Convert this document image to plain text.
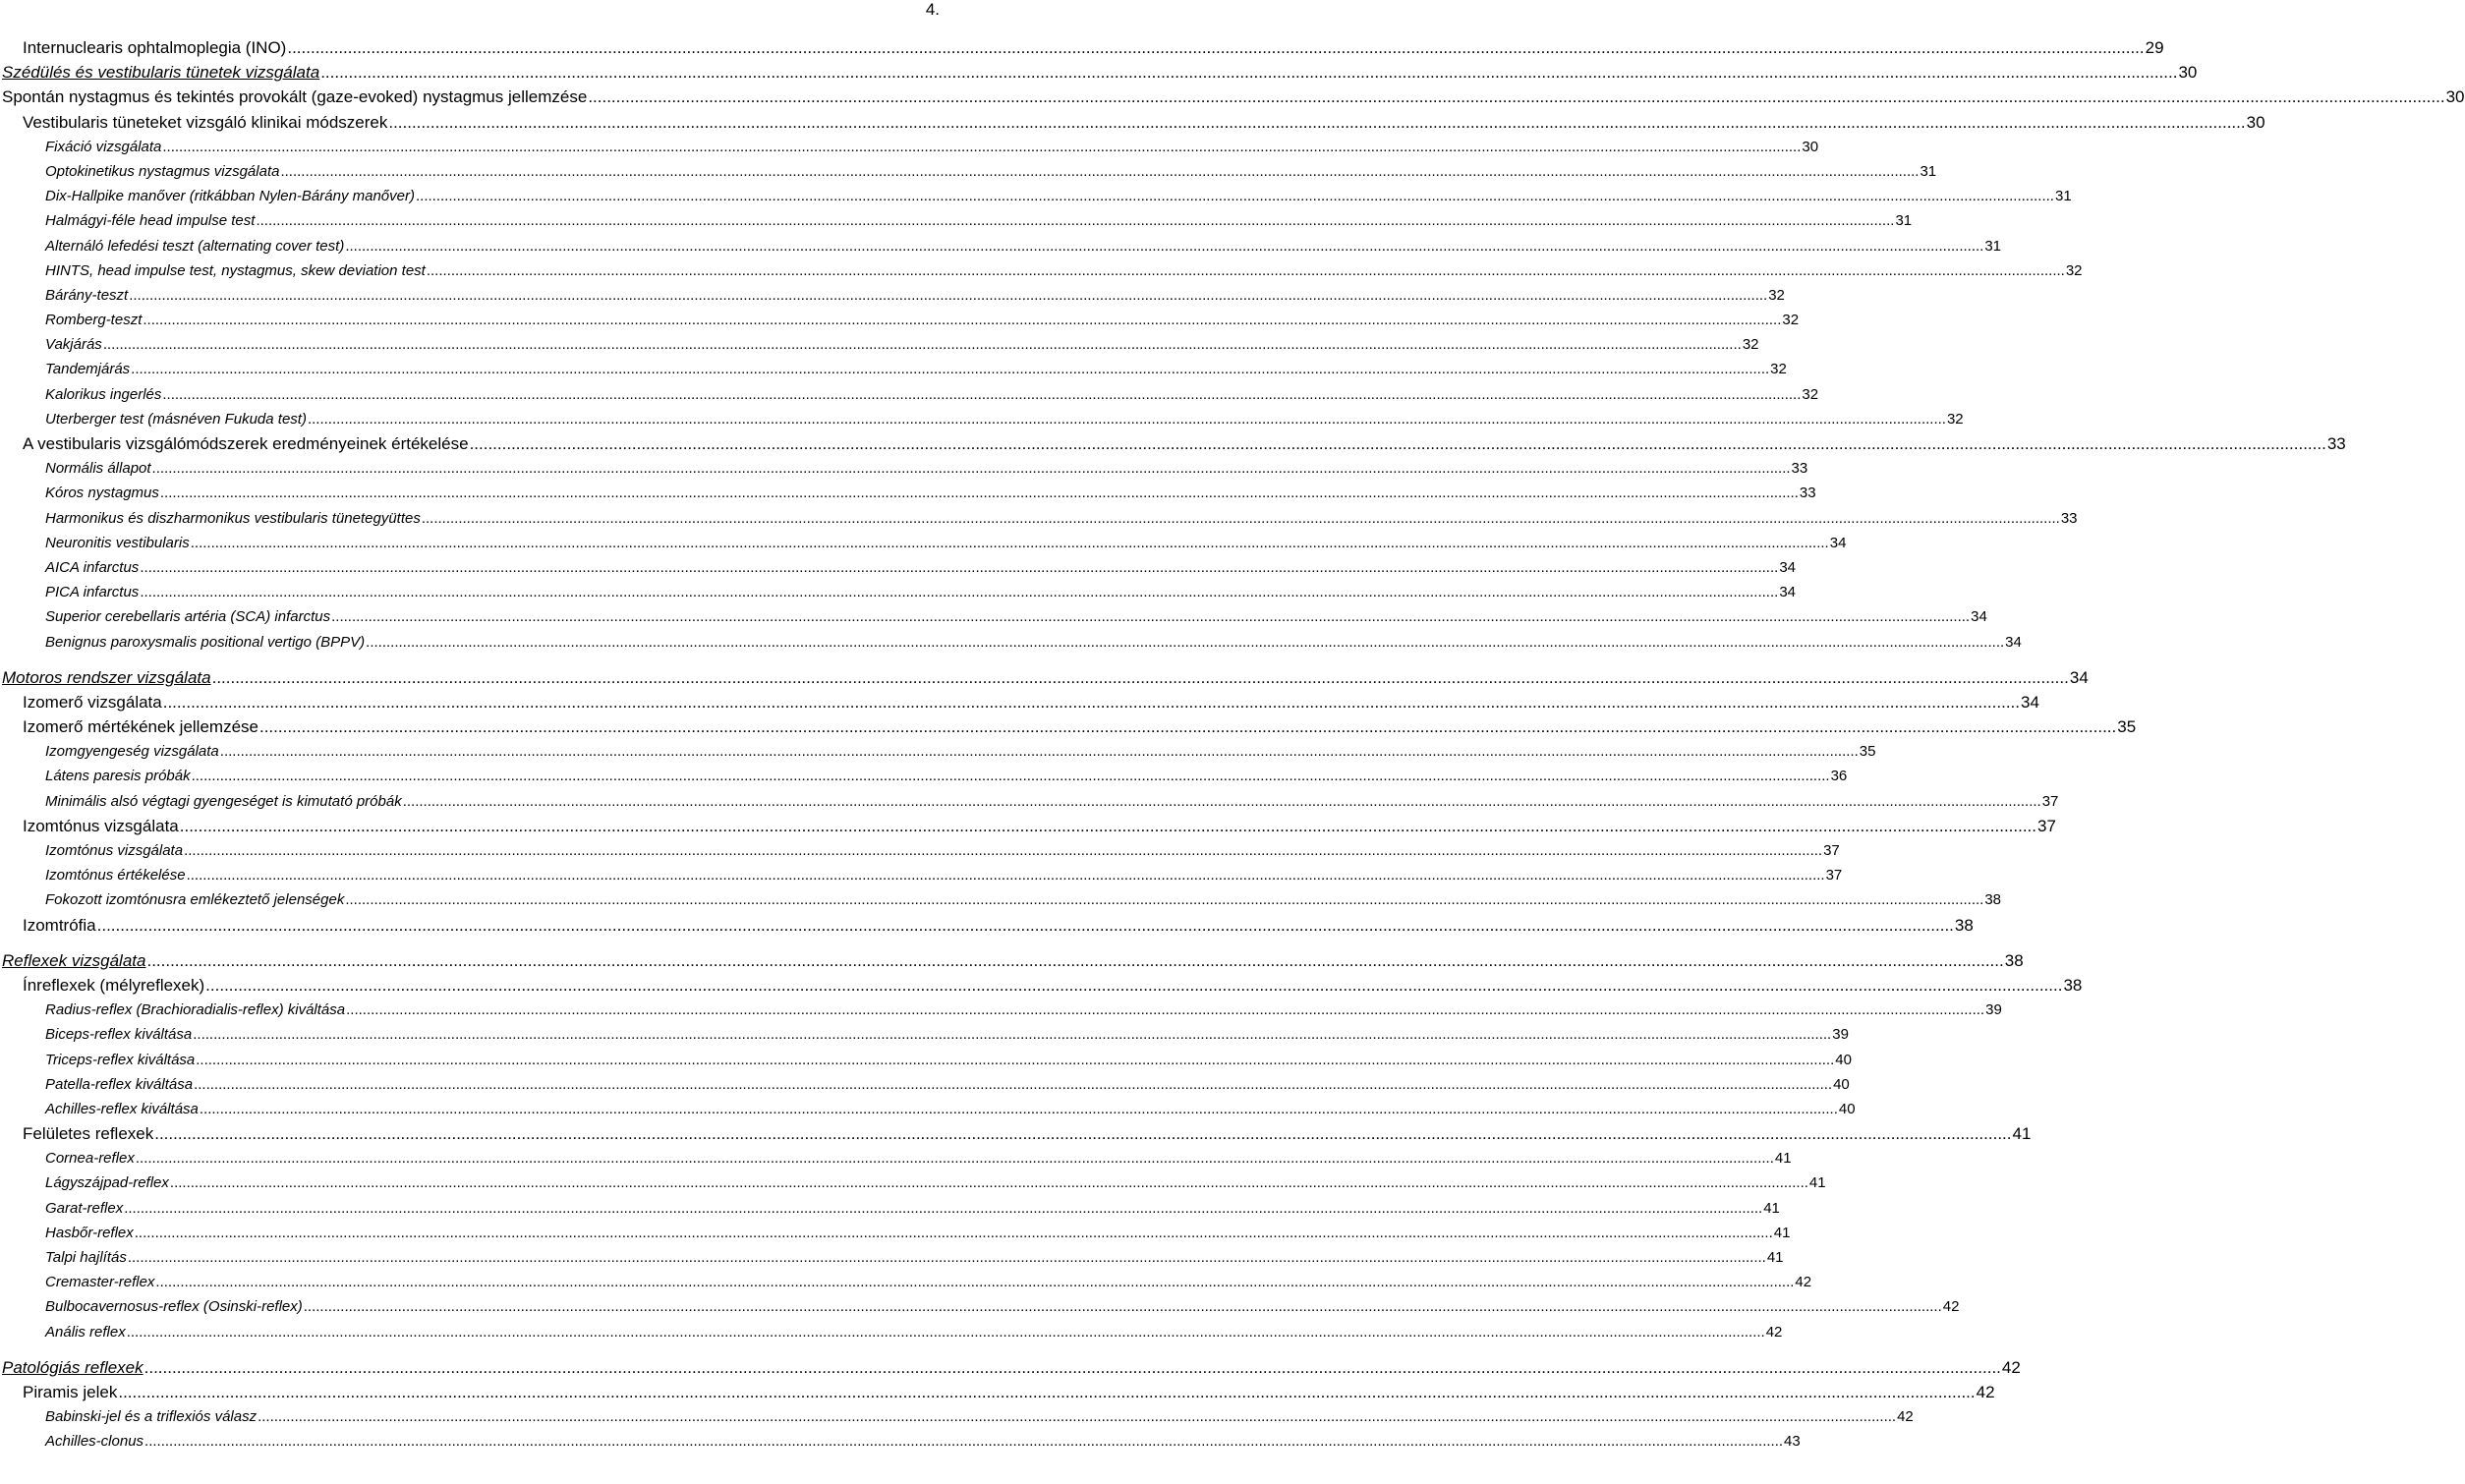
4.
Internuclearis ophtalmoplegia (INO) ................................................................................................................................................................................................................................................................................................................................................................................................................ 29
Szédülés és vestibularis tünetek vizsgálata ................................................................................................................................................................................................................................................................................................................................................................................................................ 30
Spontán nystagmus és tekintés provokált (gaze-evoked) nystagmus jellemzése ................................................................................................................................................................................................................................................................................................................................................................................................................ 30
Vestibularis tüneteket vizsgáló klinikai módszerek ................................................................................................................................................................................................................................................................................................................................................................................................................ 30
Fixáció vizsgálata ................................................................................................................................................................................................................................................................................................................................................................................................................ 30
Optokinetikus nystagmus vizsgálata ................................................................................................................................................................................................................................................................................................................................................................................................................ 31
Dix-Hallpike manőver (ritkábban Nylen-Bárány manőver) ................................................................................................................................................................................................................................................................................................................................................................................................................ 31
Halmágyi-féle head impulse test ................................................................................................................................................................................................................................................................................................................................................................................................................ 31
Alternáló lefedési teszt (alternating cover test) ................................................................................................................................................................................................................................................................................................................................................................................................................ 31
HINTS, head impulse test, nystagmus, skew deviation test ................................................................................................................................................................................................................................................................................................................................................................................................................ 32
Bárány-teszt ................................................................................................................................................................................................................................................................................................................................................................................................................ 32
Romberg-teszt ................................................................................................................................................................................................................................................................................................................................................................................................................ 32
Vakjárás ................................................................................................................................................................................................................................................................................................................................................................................................................ 32
Tandemjárás ................................................................................................................................................................................................................................................................................................................................................................................................................ 32
Kalorikus ingerlés ................................................................................................................................................................................................................................................................................................................................................................................................................ 32
Uterberger test (másnéven Fukuda test) ................................................................................................................................................................................................................................................................................................................................................................................................................ 32
A vestibularis vizsgálómódszerek eredményeinek értékelése ................................................................................................................................................................................................................................................................................................................................................................................................................ 33
Normális állapot ................................................................................................................................................................................................................................................................................................................................................................................................................ 33
Kóros nystagmus ................................................................................................................................................................................................................................................................................................................................................................................................................ 33
Harmonikus és diszharmonikus vestibularis tünetegyüttes ................................................................................................................................................................................................................................................................................................................................................................................................................ 33
Neuronitis vestibularis ................................................................................................................................................................................................................................................................................................................................................................................................................ 34
AICA infarctus ................................................................................................................................................................................................................................................................................................................................................................................................................ 34
PICA infarctus ................................................................................................................................................................................................................................................................................................................................................................................................................ 34
Superior cerebellaris artéria (SCA) infarctus ................................................................................................................................................................................................................................................................................................................................................................................................................ 34
Benignus paroxysmalis positional vertigo (BPPV) ................................................................................................................................................................................................................................................................................................................................................................................................................ 34
Motoros rendszer vizsgálata ................................................................................................................................................................................................................................................................................................................................................................................................................ 34
Izomerő vizsgálata ................................................................................................................................................................................................................................................................................................................................................................................................................ 34
Izomerő mértékének jellemzése ................................................................................................................................................................................................................................................................................................................................................................................................................ 35
Izomgyengeség vizsgálata ................................................................................................................................................................................................................................................................................................................................................................................................................ 35
Látens paresis próbák ................................................................................................................................................................................................................................................................................................................................................................................................................ 36
Minimális alsó végtagi gyengeséget is kimutató próbák ................................................................................................................................................................................................................................................................................................................................................................................................................ 37
Izomtónus vizsgálata ................................................................................................................................................................................................................................................................................................................................................................................................................ 37
Izomtónus vizsgálata ................................................................................................................................................................................................................................................................................................................................................................................................................ 37
Izomtónus értékelése ................................................................................................................................................................................................................................................................................................................................................................................................................ 37
Fokozott izomtónusra emlékeztető jelenségek ................................................................................................................................................................................................................................................................................................................................................................................................................ 38
Izomtrófia ................................................................................................................................................................................................................................................................................................................................................................................................................ 38
Reflexek vizsgálata ................................................................................................................................................................................................................................................................................................................................................................................................................ 38
Ínreflexek (mélyreflexek) ................................................................................................................................................................................................................................................................................................................................................................................................................ 38
Radius-reflex (Brachioradialis-reflex) kiváltása ................................................................................................................................................................................................................................................................................................................................................................................................................ 39
Biceps-reflex kiváltása ................................................................................................................................................................................................................................................................................................................................................................................................................ 39
Triceps-reflex kiváltása ................................................................................................................................................................................................................................................................................................................................................................................................................ 40
Patella-reflex kiváltása ................................................................................................................................................................................................................................................................................................................................................................................................................ 40
Achilles-reflex kiváltása ................................................................................................................................................................................................................................................................................................................................................................................................................ 40
Felületes reflexek ................................................................................................................................................................................................................................................................................................................................................................................................................ 41
Cornea-reflex ................................................................................................................................................................................................................................................................................................................................................................................................................ 41
Lágyszájpad-reflex ................................................................................................................................................................................................................................................................................................................................................................................................................ 41
Garat-reflex ................................................................................................................................................................................................................................................................................................................................................................................................................ 41
Hasbőr-reflex ................................................................................................................................................................................................................................................................................................................................................................................................................ 41
Talpi hajlítás ................................................................................................................................................................................................................................................................................................................................................................................................................ 41
Cremaster-reflex ................................................................................................................................................................................................................................................................................................................................................................................................................ 42
Bulbocavernosus-reflex (Osinski-reflex) ................................................................................................................................................................................................................................................................................................................................................................................................................ 42
Anális reflex ................................................................................................................................................................................................................................................................................................................................................................................................................ 42
Patológiás reflexek ................................................................................................................................................................................................................................................................................................................................................................................................................ 42
Piramis jelek ................................................................................................................................................................................................................................................................................................................................................................................................................ 42
Babinski-jel és a triflexiós válasz ................................................................................................................................................................................................................................................................................................................................................................................................................ 42
Achilles-clonus ................................................................................................................................................................................................................................................................................................................................................................................................................ 43
